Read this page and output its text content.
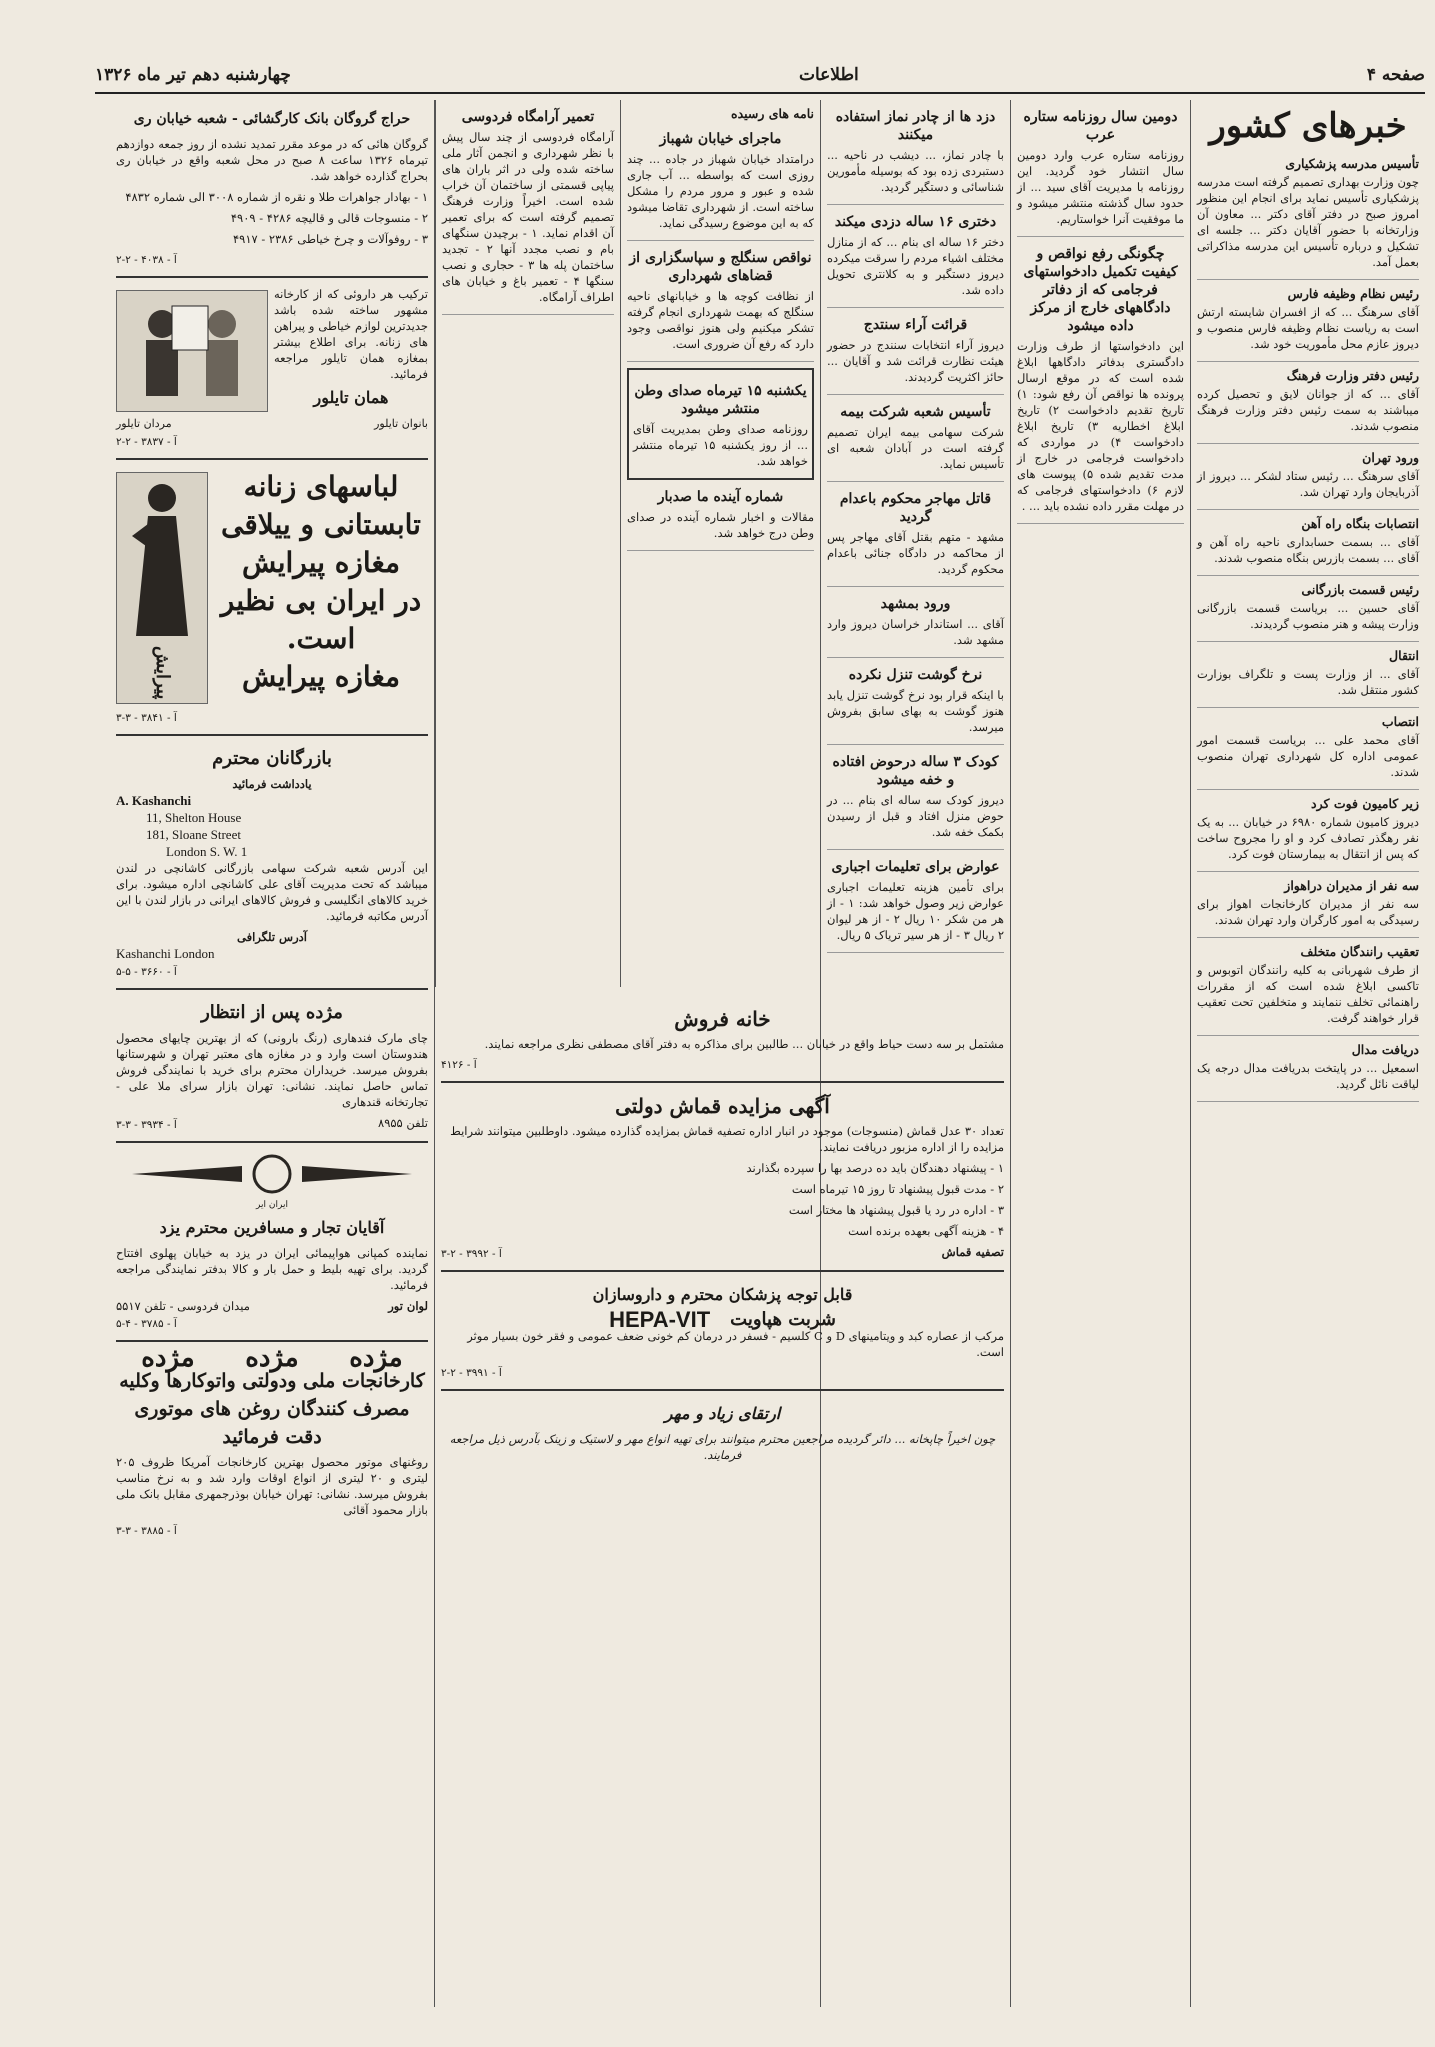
صفحه ۴
اطلاعات
چهارشنبه دهم تیر ماه ۱۳۲۶
خبرهای کشور
تأسیس مدرسه پزشکیاری

چون وزارت بهداری تصمیم گرفته است مدرسه پزشکیاری تأسیس نماید برای انجام این منظور امروز صبح در دفتر آقای دکتر ... معاون آن وزارتخانه با حضور آقایان دکتر ... جلسه ای تشکیل و درباره تأسیس این مدرسه مذاکراتی بعمل آمد.

رئیس نظام وظیفه فارس

آقای سرهنگ ... که از افسران شایسته ارتش است به ریاست نظام وظیفه فارس منصوب و دیروز عازم محل مأموریت خود شد.

رئیس دفتر وزارت فرهنگ

آقای ... که از جوانان لایق و تحصیل کرده میباشند به سمت رئیس دفتر وزارت فرهنگ منصوب شدند.

ورود تهران

آقای سرهنگ ... رئیس ستاد لشکر ... دیروز از آذربایجان وارد تهران شد.

انتصابات بنگاه راه آهن

آقای ... بسمت حسابداری ناحیه راه آهن و آقای ... بسمت بازرس بنگاه منصوب شدند.

رئیس قسمت بازرگانی

آقای حسین ... بریاست قسمت بازرگانی وزارت پیشه و هنر منصوب گردیدند.

انتقال

آقای ... از وزارت پست و تلگراف بوزارت کشور منتقل شد.

انتصاب

آقای محمد علی ... بریاست قسمت امور عمومی اداره کل شهرداری تهران منصوب شدند.

زیر کامیون فوت کرد

دیروز کامیون شماره ۶۹۸۰ در خیابان ... به یک نفر رهگذر تصادف کرد و او را مجروح ساخت که پس از انتقال به بیمارستان فوت کرد.

سه نفر از مدیران دراهواز

سه نفر از مدیران کارخانجات اهواز برای رسیدگی به امور کارگران وارد تهران شدند.

تعقیب رانندگان متخلف

از طرف شهربانی به کلیه رانندگان اتوبوس و تاکسی ابلاغ شده است که از مقررات راهنمائی تخلف ننمایند و متخلفین تحت تعقیب قرار خواهند گرفت.

دریافت مدال

اسمعیل ... در پایتخت بدریافت مدال درجه یک لیاقت نائل گردید.

دومین سال روزنامه ستاره عرب

روزنامه ستاره عرب وارد دومین سال انتشار خود گردید. این روزنامه با مدیریت آقای سید ... از حدود سال گذشته منتشر میشود و ما موفقیت آنرا خواستاریم.

چگونگی رفع نواقص و کیفیت تکمیل دادخواستهای فرجامی که از دفاتر دادگاههای خارج از مرکز داده میشود

این دادخواستها از طرف وزارت دادگستری بدفاتر دادگاهها ابلاغ شده است که در موقع ارسال پرونده ها نواقص آن رفع شود: ۱) تاریخ تقدیم دادخواست ۲) تاریخ ابلاغ اخطاریه ۳) تاریخ ابلاغ دادخواست ۴) در مواردی که دادخواست فرجامی در خارج از مدت تقدیم شده ۵) پیوست های لازم ۶) دادخواستهای فرجامی که در مهلت مقرر داده نشده باید ... .

دزد ها از چادر نماز استفاده میکنند

با چادر نماز، ... دیشب در ناحیه ... دستبردی زده بود که بوسیله مأمورین شناسائی و دستگیر گردید.

دختری ۱۶ ساله دزدی میکند

دختر ۱۶ ساله ای بنام ... که از منازل مختلف اشیاء مردم را سرقت میکرده دیروز دستگیر و به کلانتری تحویل داده شد.

قرائت آراء سنتدج

دیروز آراء انتخابات سنندج در حضور هیئت نظارت قرائت شد و آقایان ... حائز اکثریت گردیدند.

تأسیس شعبه شرکت بیمه

شرکت سهامی بیمه ایران تصمیم گرفته است در آبادان شعبه ای تأسیس نماید.

قاتل مهاجر محکوم باعدام گردید

مشهد - متهم بقتل آقای مهاجر پس از محاکمه در دادگاه جنائی باعدام محکوم گردید.

ورود بمشهد

آقای ... استاندار خراسان دیروز وارد مشهد شد.

نرخ گوشت تنزل نکرده

با اینکه قرار بود نرخ گوشت تنزل یابد هنوز گوشت به بهای سابق بفروش میرسد.

کودک ۳ ساله درحوض افتاده و خفه میشود

دیروز کودک سه ساله ای بنام ... در حوض منزل افتاد و قبل از رسیدن بکمک خفه شد.

عوارض برای تعلیمات اجباری

برای تأمین هزینه تعلیمات اجباری عوارض زیر وصول خواهد شد: ۱ - از هر من شکر ۱۰ ریال ۲ - از هر لیوان ۲ ریال ۳ - از هر سیر تریاک ۵ ریال.

نامه های رسیده
ماجرای خیابان شهباز

درامتداد خیابان شهباز در جاده ... چند روزی است که بواسطه ... آب جاری شده و عبور و مرور مردم را مشکل ساخته است. از شهرداری تقاضا میشود که به این موضوع رسیدگی نماید.

نواقص سنگلج و سپاسگزاری از قضاهای شهرداری

از نظافت کوچه ها و خیابانهای ناحیه سنگلج که بهمت شهرداری انجام گرفته تشکر میکنیم ولی هنوز نواقصی وجود دارد که رفع آن ضروری است.

یکشنبه ۱۵ تیرماه صدای وطن منتشر میشود

روزنامه صدای وطن بمدیریت آقای ... از روز یکشنبه ۱۵ تیرماه منتشر خواهد شد.

شماره آینده ما صدبار

مقالات و اخبار شماره آینده در صدای وطن درج خواهد شد.

تعمیر آرامگاه فردوسی

آرامگاه فردوسی از چند سال پیش با نظر شهرداری و انجمن آثار ملی ساخته شده ولی در اثر باران های پیاپی قسمتی از ساختمان آن خراب شده است. اخیراً وزارت فرهنگ تصمیم گرفته است که برای تعمیر آن اقدام نماید. ۱ - برچیدن سنگهای بام و نصب مجدد آنها ۲ - تجدید ساختمان پله ها ۳ - حجاری و نصب سنگها ۴ - تعمیر باغ و خیابان های اطراف آرامگاه.

خانه فروش

مشتمل بر سه دست حیاط واقع در خیابان ... طالبین برای مذاکره به دفتر آقای مصطفی نظری مراجعه نمایند.

آ - ۴۱۲۶
آگهی مزایده قماش دولتی

تعداد ۳۰ عدل قماش (منسوجات) موجود در انبار اداره تصفیه قماش بمزایده گذارده میشود. داوطلبین میتوانند شرایط مزایده را از اداره مزبور دریافت نمایند.

۱ - پیشنهاد دهندگان باید ده درصد بها را سپرده بگذارند

۲ - مدت قبول پیشنهاد تا روز ۱۵ تیرماه است

۳ - اداره در رد یا قبول پیشنهاد ها مختار است

۴ - هزینه آگهی بعهده برنده است

تصفیه قماش
آ - ۳۹۹۲ - ۲-۳
قابل توجه پزشکان محترم و داروسازان
شربت هپاویت
HEPA-VIT

مرکب از عصاره کبد و ویتامینهای D و C کلسیم - فسفر در درمان کم خونی ضعف عمومی و فقر خون بسیار موثر است.

آ - ۳۹۹۱ - ۲-۲
ارتقای زیاد و مهر

چون اخیراً چاپخانه ... دائر گردیده مراجعین محترم میتوانند برای تهیه انواع مهر و لاستیک و زینک بآدرس ذیل مراجعه فرمایند.

حراج گروگان بانک کارگشائی - شعبه خیابان ری

گروگان هائی که در موعد مقرر تمدید نشده از روز جمعه دوازدهم تیرماه ۱۳۲۶ ساعت ۸ صبح در محل شعبه واقع در خیابان ری بحراج گذارده خواهد شد.

۱ - بهادار جواهرات طلا و نقره از شماره ۳۰۰۸ الی شماره ۴۸۳۲

۲ - منسوجات قالی و قالیچه ۴۲۸۶ - ۴۹۰۹

۳ - روفوآلات و چرخ خیاطی ۲۳۸۶ - ۴۹۱۷

آ - ۴۰۳۸ - ۲-۲

ترکیب هر داروئی که از کارخانه مشهور ساخته شده باشد جدیدترین لوازم خیاطی و پیراهن های زنانه. برای اطلاع بیشتر بمغازه همان تایلور مراجعه فرمائید.

همان تایلور
بانوان تایلور
مردان تایلور
آ - ۳۸۳۷ - ۲-۲
لباسهای زنانه
تابستانی و ییلاقی
مغازه پیرایش
در ایران بی نظیر
است.
مغازه پیرایش
پیرایش
آ - ۳۸۴۱ - ۳-۳
بازرگانان محترم
یادداشت فرمائید
A. Kashanchi
11, Shelton House
181, Sloane Street
London S. W. 1

این آدرس شعبه شرکت سهامی بازرگانی کاشانچی در لندن میباشد که تحت مدیریت آقای علی کاشانچی اداره میشود. برای خرید کالاهای انگلیسی و فروش کالاهای ایرانی در بازار لندن با این آدرس مکاتبه فرمائید.

آدرس تلگرافی
Kashanchi London
آ - ۳۶۶۰ - ۵-۵
مژده پس از انتظار

چای مارک فندهاری (رنگ بارونی) که از بهترین چایهای محصول هندوستان است وارد و در مغازه های معتبر تهران و شهرستانها بفروش میرسد. خریداران محترم برای خرید با نمایندگی فروش تماس حاصل نمایند. نشانی: تهران بازار سرای ملا علی - تجارتخانه قندهاری

تلفن ۸۹۵۵
آ - ۳۹۳۴ - ۳-۳
ایران ایر
آقایان تجار و مسافرین محترم یزد

نماینده کمپانی هواپیمائی ایران در یزد به خیابان پهلوی افتتاح گردید. برای تهیه بلیط و حمل بار و کالا بدفتر نمایندگی مراجعه فرمائید.

لوان تور
میدان فردوسی - تلفن ۵۵۱۷
آ - ۳۷۸۵ - ۴-۵
مژده
مژده
مژده
کارخانجات ملی ودولتی واتوکارها وکلیه
مصرف کنندگان روغن های موتوری
دقت فرمائید

روغنهای موتور محصول بهترین کارخانجات آمریکا ظروف ۲۰۵ لیتری و ۲۰ لیتری از انواع اوقات وارد شد و به نرخ مناسب بفروش میرسد. نشانی: تهران خیابان بوذرجمهری مقابل بانک ملی بازار محمود آقائی

آ - ۳۸۸۵ - ۳-۳
